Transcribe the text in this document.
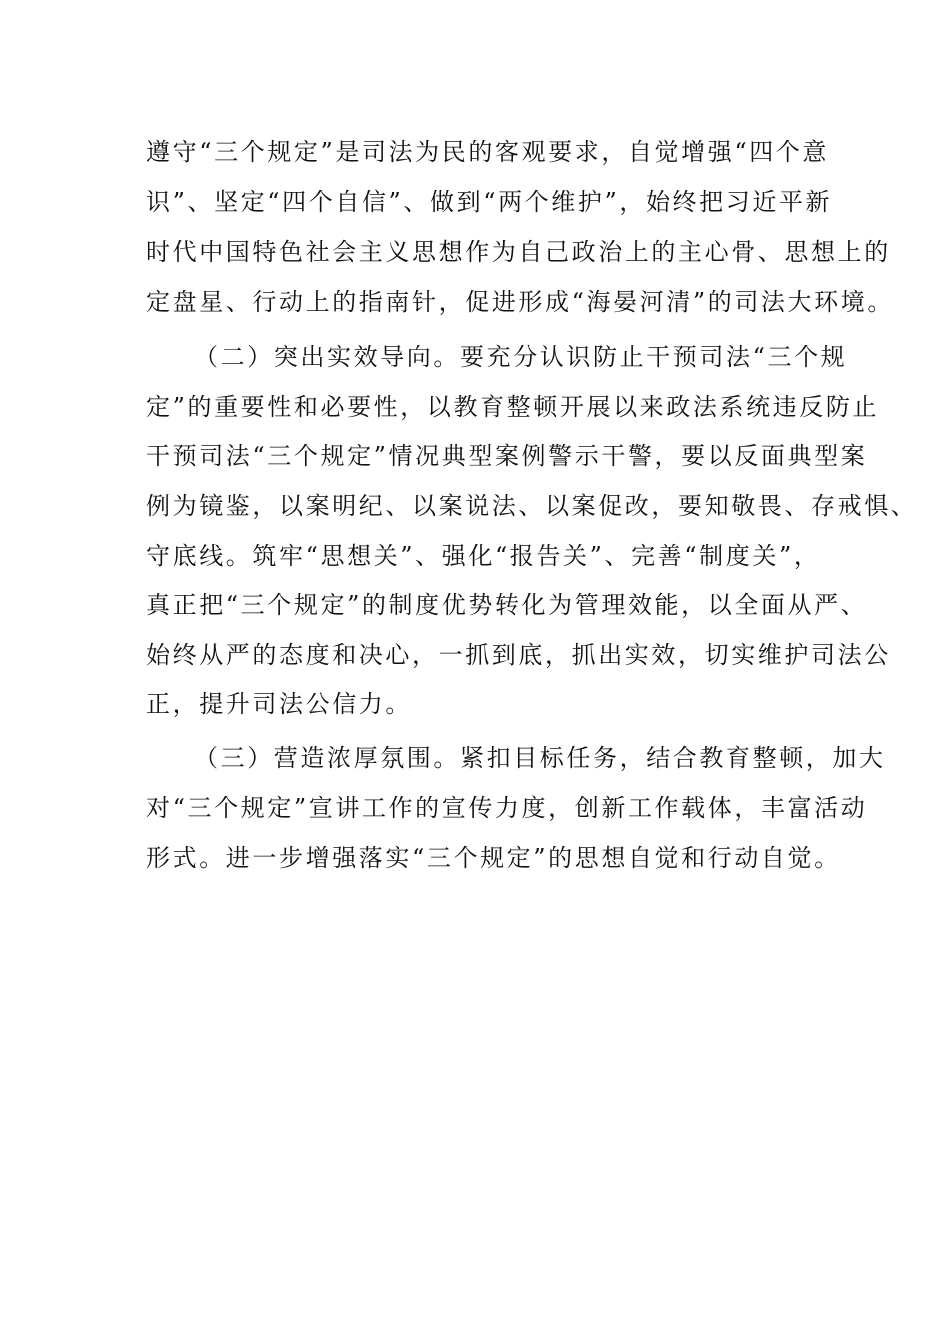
遵守“三个规定”是司法为民的客观要求，自觉增强“四个意
识”、坚定“四个自信”、做到“两个维护”，始终把习近平新
时代中国特色社会主义思想作为自己政治上的主心骨、思想上的
定盘星、行动上的指南针，促进形成“海晏河清”的司法大环境。
（二）突出实效导向。要充分认识防止干预司法“三个规
定”的重要性和必要性，以教育整顿开展以来政法系统违反防止
干预司法“三个规定”情况典型案例警示干警，要以反面典型案
例为镜鉴，以案明纪、以案说法、以案促改，要知敬畏、存戒惧、
守底线。筑牢“思想关”、强化“报告关”、完善“制度关”，
真正把“三个规定”的制度优势转化为管理效能，以全面从严、
始终从严的态度和决心，一抓到底，抓出实效，切实维护司法公
正，提升司法公信力。
（三）营造浓厚氛围。紧扣目标任务，结合教育整顿，加大
对“三个规定”宣讲工作的宣传力度，创新工作载体，丰富活动
形式。进一步增强落实“三个规定”的思想自觉和行动自觉。
